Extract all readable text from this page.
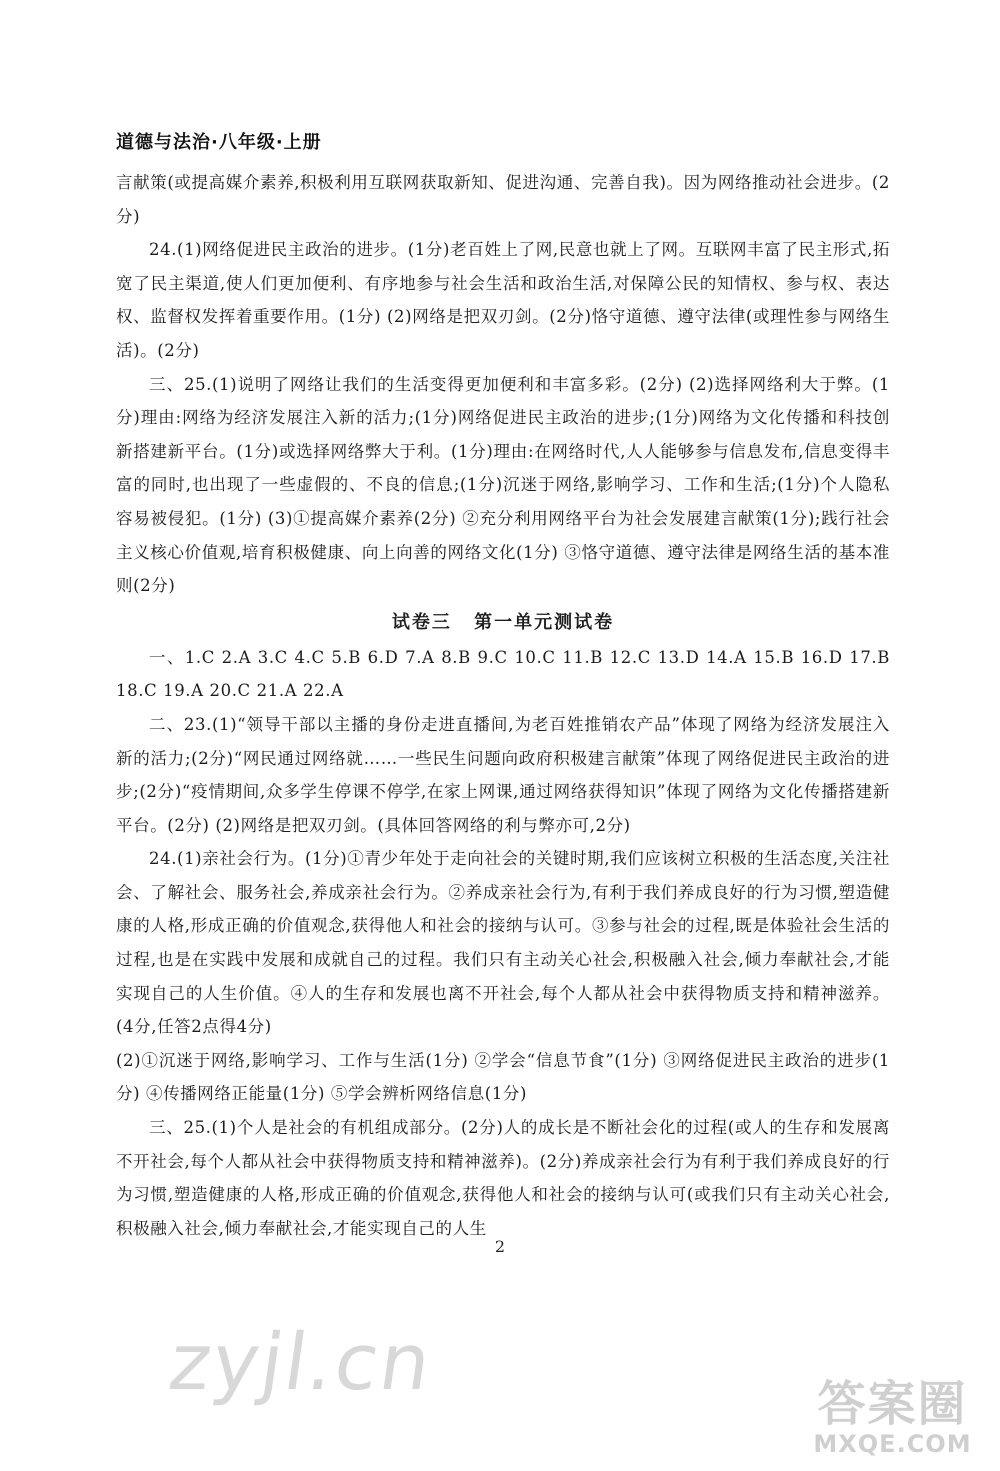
道德与法治·八年级·上册

言献策(或提高媒介素养,积极利用互联网获取新知、促进沟通、完善自我)。因为网络推动社会进步。(2分)

24.(1)网络促进民主政治的进步。(1分)老百姓上了网,民意也就上了网。互联网丰富了民主形式,拓宽了民主渠道,使人们更加便利、有序地参与社会生活和政治生活,对保障公民的知情权、参与权、表达权、监督权发挥着重要作用。(1分) (2)网络是把双刃剑。(2分)恪守道德、遵守法律(或理性参与网络生活)。(2分)

三、25.(1)说明了网络让我们的生活变得更加便利和丰富多彩。(2分) (2)选择网络利大于弊。(1分)理由:网络为经济发展注入新的活力;(1分)网络促进民主政治的进步;(1分)网络为文化传播和科技创新搭建新平台。(1分)或选择网络弊大于利。(1分)理由:在网络时代,人人能够参与信息发布,信息变得丰富的同时,也出现了一些虚假的、不良的信息;(1分)沉迷于网络,影响学习、工作和生活;(1分)个人隐私容易被侵犯。(1分) (3)①提高媒介素养(2分) ②充分利用网络平台为社会发展建言献策(1分);践行社会主义核心价值观,培育积极健康、向上向善的网络文化(1分) ③恪守道德、遵守法律是网络生活的基本准则(2分)

试卷三 第一单元测试卷

一、1.C 2.A 3.C 4.C 5.B 6.D 7.A 8.B 9.C 10.C 11.B 12.C 13.D 14.A 15.B 16.D 17.B 18.C 19.A 20.C 21.A 22.A

二、23.(1)“领导干部以主播的身份走进直播间,为老百姓推销农产品”体现了网络为经济发展注入新的活力;(2分)“网民通过网络就……一些民生问题向政府积极建言献策”体现了网络促进民主政治的进步;(2分)“疫情期间,众多学生停课不停学,在家上网课,通过网络获得知识”体现了网络为文化传播搭建新平台。(2分) (2)网络是把双刃剑。(具体回答网络的利与弊亦可,2分)

24.(1)亲社会行为。(1分)①青少年处于走向社会的关键时期,我们应该树立积极的生活态度,关注社会、了解社会、服务社会,养成亲社会行为。②养成亲社会行为,有利于我们养成良好的行为习惯,塑造健康的人格,形成正确的价值观念,获得他人和社会的接纳与认可。③参与社会的过程,既是体验社会生活的过程,也是在实践中发展和成就自己的过程。我们只有主动关心社会,积极融入社会,倾力奉献社会,才能实现自己的人生价值。④人的生存和发展也离不开社会,每个人都从社会中获得物质支持和精神滋养。(4分,任答2点得4分)

(2)①沉迷于网络,影响学习、工作与生活(1分) ②学会“信息节食”(1分) ③网络促进民主政治的进步(1分) ④传播网络正能量(1分) ⑤学会辨析网络信息(1分)

三、25.(1)个人是社会的有机组成部分。(2分)人的成长是不断社会化的过程(或人的生存和发展离不开社会,每个人都从社会中获得物质支持和精神滋养)。(2分)养成亲社会行为有利于我们养成良好的行为习惯,塑造健康的人格,形成正确的价值观念,获得他人和社会的接纳与认可(或我们只有主动关心社会,积极融入社会,倾力奉献社会,才能实现自己的人生

2
zyjl.cn	答案圈
MXQE.COM
